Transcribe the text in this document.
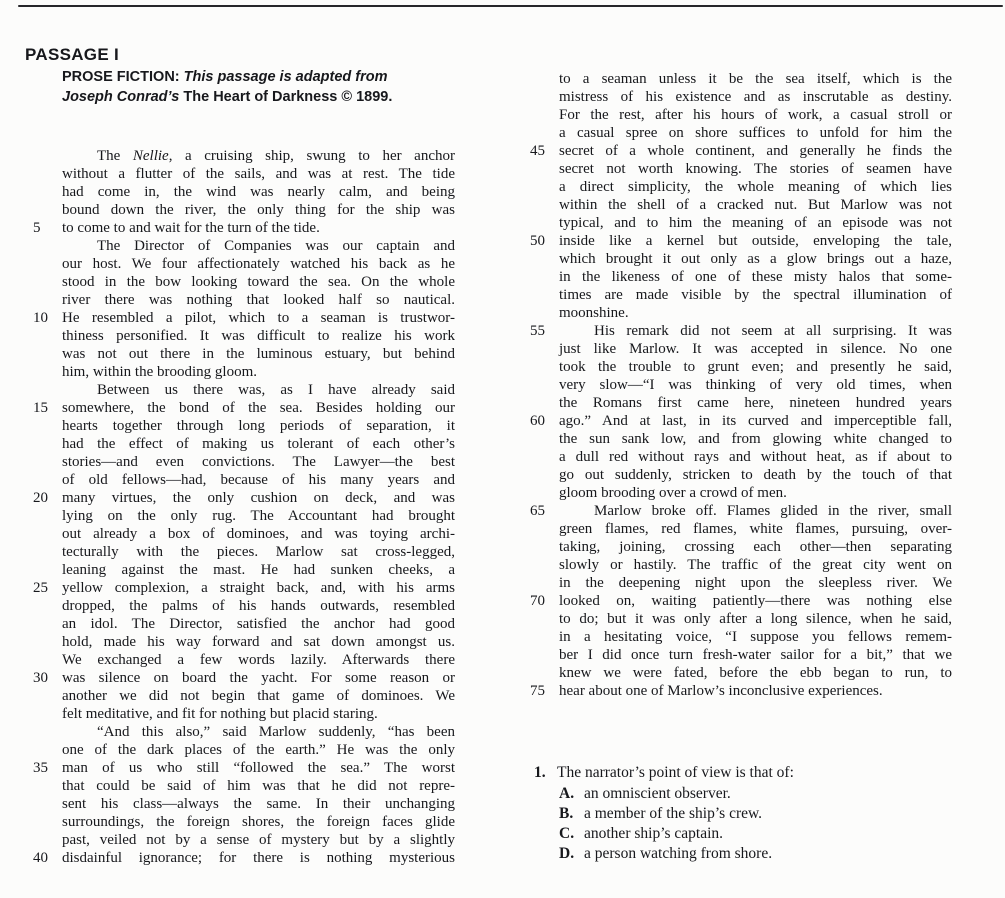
PASSAGE I
PROSE FICTION: This passage is adapted from
Joseph Conrad’s The Heart of Darkness © 1899.
The Nellie, a cruising ship, swung to her anchor
without a flutter of the sails, and was at rest. The tide
had come in, the wind was nearly calm, and being
bound down the river, the only thing for the ship was
5	to come to and wait for the turn of the tide.
The Director of Companies was our captain and
our host. We four affectionately watched his back as he
stood in the bow looking toward the sea. On the whole
river there was nothing that looked half so nautical.
10 He resembled a pilot, which to a seaman is trustwor-
thiness personified. It was difficult to realize his work
was not out there in the luminous estuary, but behind
him, within the brooding gloom.
Between us there was, as I have already said
15 somewhere, the bond of the sea. Besides holding our
hearts together through long periods of separation, it
had the effect of making us tolerant of each other’s
stories—and even convictions. The Lawyer—the best
of old fellows—had, because of his many years and
20 many virtues, the only cushion on deck, and was
lying on the only rug. The Accountant had brought
out already a box of dominoes, and was toying archi-
tecturally with the pieces. Marlow sat cross-legged,
leaning against the mast. He had sunken cheeks, a
25 yellow complexion, a straight back, and, with his arms
dropped, the palms of his hands outwards, resembled
an idol. The Director, satisfied the anchor had good
hold, made his way forward and sat down amongst us.
We exchanged a few words lazily. Afterwards there
30 was silence on board the yacht. For some reason or
another we did not begin that game of dominoes. We
felt meditative, and fit for nothing but placid staring.
“And this also,” said Marlow suddenly, “has been
one of the dark places of the earth.” He was the only
35 man of us who still “followed the sea.” The worst
that could be said of him was that he did not repre-
sent his class—always the same. In their unchanging
surroundings, the foreign shores, the foreign faces glide
past, veiled not by a sense of mystery but by a slightly
40 disdainful ignorance; for there is nothing mysterious
to a seaman unless it be the sea itself, which is the
mistress of his existence and as inscrutable as destiny.
For the rest, after his hours of work, a casual stroll or
a casual spree on shore suffices to unfold for him the
45 secret of a whole continent, and generally he finds the
secret not worth knowing. The stories of seamen have
a direct simplicity, the whole meaning of which lies
within the shell of a cracked nut. But Marlow was not
typical, and to him the meaning of an episode was not
50 inside like a kernel but outside, enveloping the tale,
which brought it out only as a glow brings out a haze,
in the likeness of one of these misty halos that some-
times are made visible by the spectral illumination of
moonshine.
55	His remark did not seem at all surprising. It was
just like Marlow. It was accepted in silence. No one
took the trouble to grunt even; and presently he said,
very slow—“I was thinking of very old times, when
the Romans first came here, nineteen hundred years
60 ago.” And at last, in its curved and imperceptible fall,
the sun sank low, and from glowing white changed to
a dull red without rays and without heat, as if about to
go out suddenly, stricken to death by the touch of that
gloom brooding over a crowd of men.
65	Marlow broke off. Flames glided in the river, small
green flames, red flames, white flames, pursuing, over-
taking, joining, crossing each other—then separating
slowly or hastily. The traffic of the great city went on
in the deepening night upon the sleepless river. We
70 looked on, waiting patiently—there was nothing else
to do; but it was only after a long silence, when he said,
in a hesitating voice, “I suppose you fellows remem-
ber I did once turn fresh-water sailor for a bit,” that we
knew we were fated, before the ebb began to run, to
75 hear about one of Marlow’s inconclusive experiences.
1. The narrator’s point of view is that of:
A. an omniscient observer.
B. a member of the ship’s crew.
C. another ship’s captain.
D. a person watching from shore.
